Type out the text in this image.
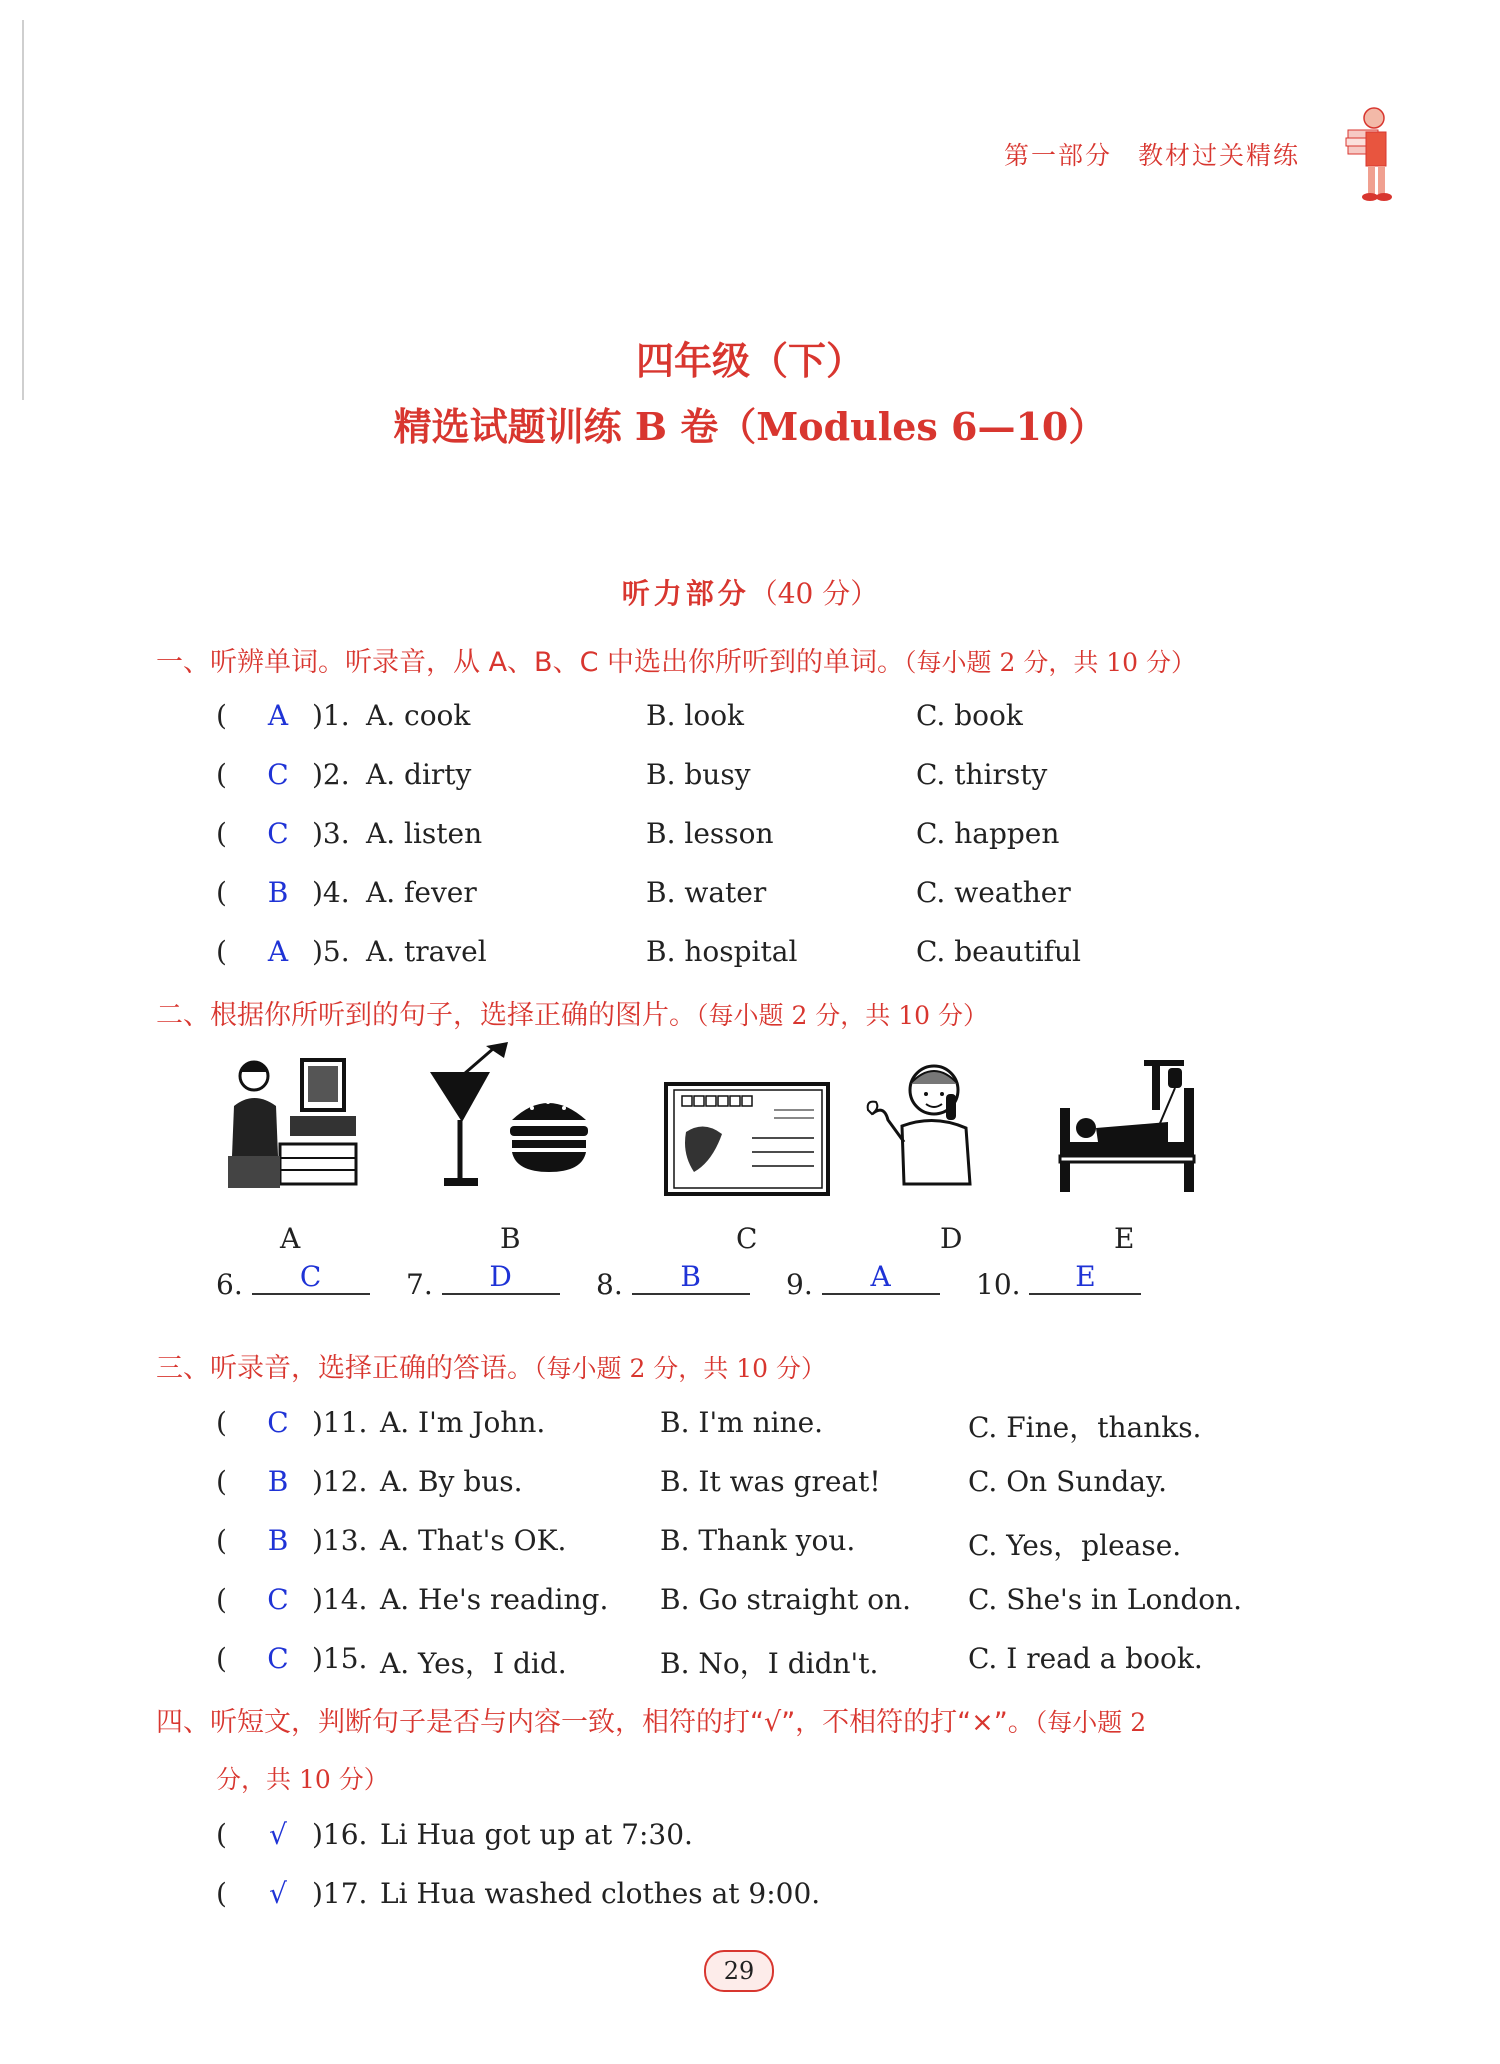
第一部分 教材过关精练
四年级（下）
精选试题训练 B 卷（Modules 6—10）
听力部分（40 分）
一、听辨单词。听录音，从 A、B、C 中选出你所听到的单词。（每小题 2 分，共 10 分）
(	A )1. A. cook	B. look	C. book
(	C )2. A. dirty	B. busy	C. thirsty
(	C )3. A. listen	B. lesson	C. happen
(	B )4. A. fever	B. water	C. weather
(	A )5. A. travel	B. hospital	C. beautiful
二、根据你所听到的句子，选择正确的图片。（每小题 2 分，共 10 分）
A	B	C	D	E
6. C	7. D	8. B	9. A	10. E
三、听录音，选择正确的答语。（每小题 2 分，共 10 分）
(	C )11. A. I'm John.	B. I'm nine.	C. Fine，thanks.
(	B )12. A. By bus.	B. It was great!	C. On Sunday.
(	B )13. A. That's OK.	B. Thank you.	C. Yes，please.
(	C )14. A. He's reading. B. Go straight on. C. She's in London.
(	C )15. A. Yes，I did.	B. No，I didn't.	C. I read a book.
四、听短文，判断句子是否与内容一致，相符的打“√”，不相符的打“×”。（每小题 2
分，共 10 分）
(	√ )16. Li Hua got up at 7:30.
(	√ )17. Li Hua washed clothes at 9:00.
29
